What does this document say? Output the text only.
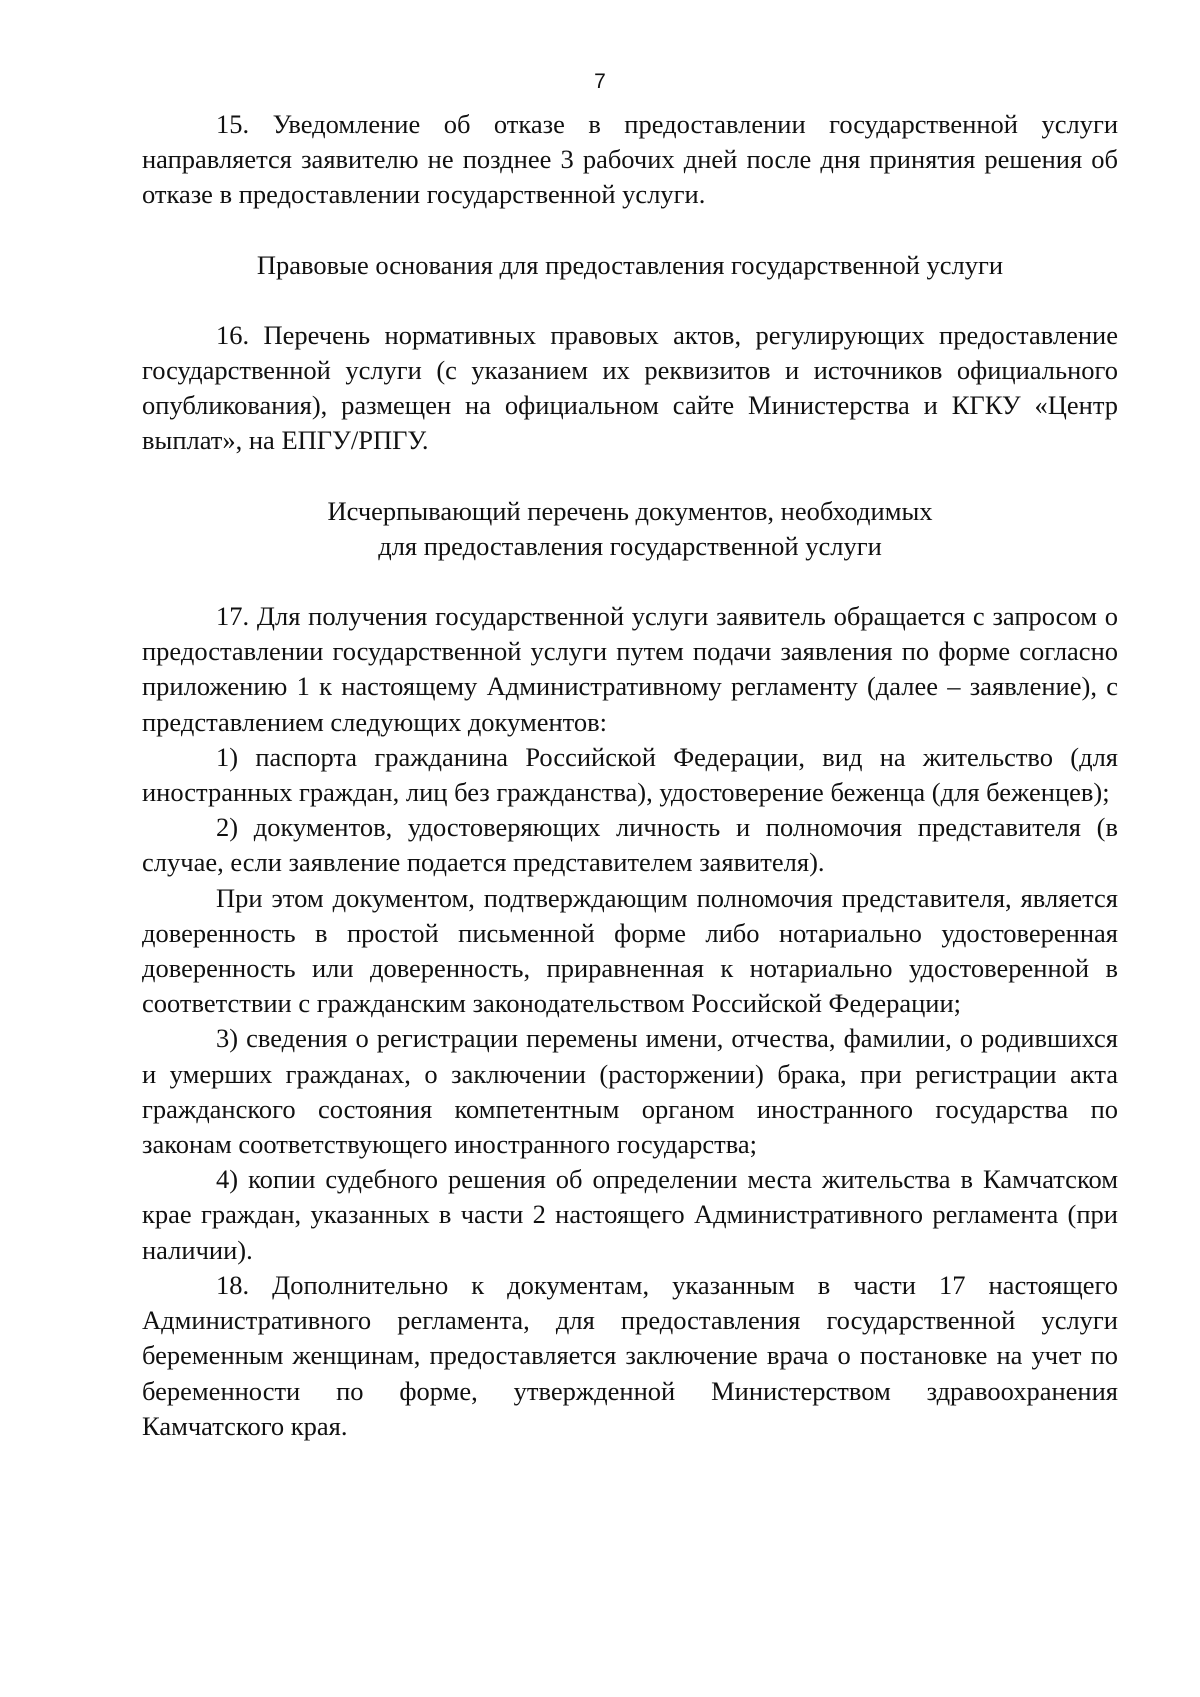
7

15. Уведомление об отказе в предоставлении государственной услуги направляется заявителю не позднее 3 рабочих дней после дня принятия решения об отказе в предоставлении государственной услуги.

Правовые основания для предоставления государственной услуги

16. Перечень нормативных правовых актов, регулирующих предоставление государственной услуги (с указанием их реквизитов и источников официального опубликования), размещен на официальном сайте Министерства и КГКУ «Центр выплат», на ЕПГУ/РПГУ.

Исчерпывающий перечень документов, необходимых

для предоставления государственной услуги

17. Для получения государственной услуги заявитель обращается с запросом о предоставлении государственной услуги путем подачи заявления по форме согласно приложению 1 к настоящему Административному регламенту (далее – заявление), с представлением следующих документов:

1) паспорта гражданина Российской Федерации, вид на жительство (для иностранных граждан, лиц без гражданства), удостоверение беженца (для беженцев);

2) документов, удостоверяющих личность и полномочия представителя (в случае, если заявление подается представителем заявителя).

При этом документом, подтверждающим полномочия представителя, является доверенность в простой письменной форме либо нотариально удостоверенная доверенность или доверенность, приравненная к нотариально удостоверенной в соответствии с гражданским законодательством Российской Федерации;

3) сведения о регистрации перемены имени, отчества, фамилии, о родившихся и умерших гражданах, о заключении (расторжении) брака, при регистрации акта гражданского состояния компетентным органом иностранного государства по законам соответствующего иностранного государства;

4) копии судебного решения об определении места жительства в Камчатском крае граждан, указанных в части 2 настоящего Административного регламента (при наличии).

18. Дополнительно к документам, указанным в части 17 настоящего Административного регламента, для предоставления государственной услуги беременным женщинам, предоставляется заключение врача о постановке на учет по беременности по форме, утвержденной Министерством здравоохранения Камчатского края.
